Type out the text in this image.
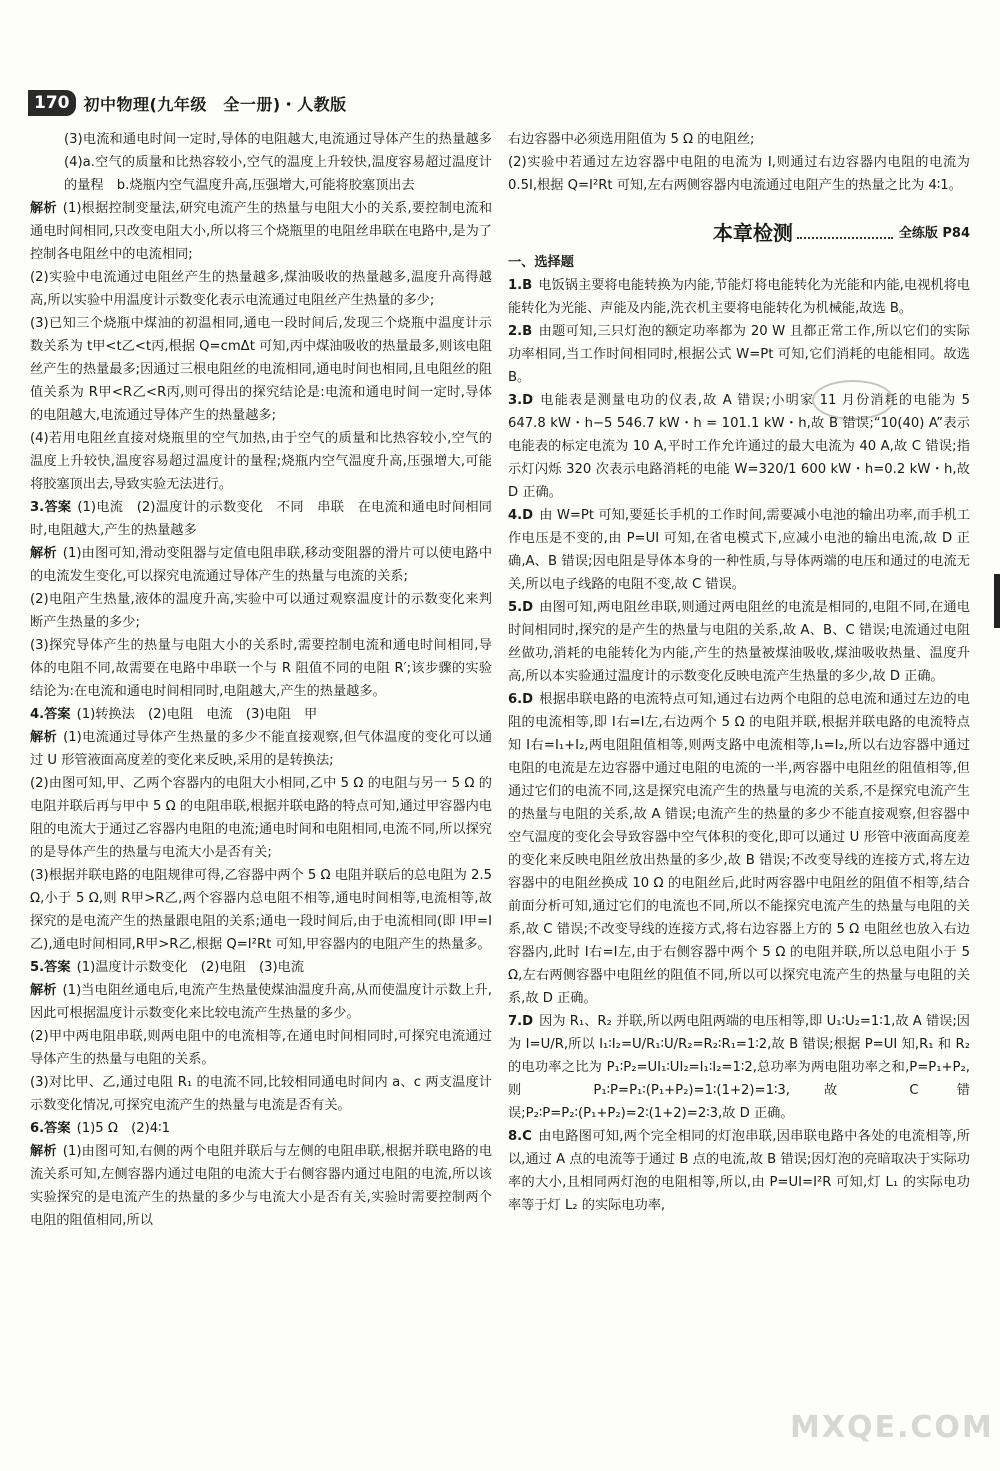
170 初中物理(九年级　全一册)・人教版

(3)电流和通电时间一定时,导体的电阻越大,电流通过导体产生的热量越多　(4)a.空气的质量和比热容较小,空气的温度上升较快,温度容易超过温度计的量程　b.烧瓶内空气温度升高,压强增大,可能将胶塞顶出去

解析 (1)根据控制变量法,研究电流产生的热量与电阻大小的关系,要控制电流和通电时间相同,只改变电阻大小,所以将三个烧瓶里的电阻丝串联在电路中,是为了控制各电阻丝中的电流相同;

(2)实验中电流通过电阻丝产生的热量越多,煤油吸收的热量越多,温度升高得越高,所以实验中用温度计示数变化表示电流通过电阻丝产生热量的多少;

(3)已知三个烧瓶中煤油的初温相同,通电一段时间后,发现三个烧瓶中温度计示数关系为 t甲<t乙<t丙,根据 Q=cmΔt 可知,丙中煤油吸收的热量最多,则该电阻丝产生的热量最多;因通过三根电阻丝的电流相同,通电时间也相同,且电阻丝的阻值关系为 R甲<R乙<R丙,则可得出的探究结论是:电流和通电时间一定时,导体的电阻越大,电流通过导体产生的热量越多;

(4)若用电阻丝直接对烧瓶里的空气加热,由于空气的质量和比热容较小,空气的温度上升较快,温度容易超过温度计的量程;烧瓶内空气温度升高,压强增大,可能将胶塞顶出去,导致实验无法进行。

3.答案 (1)电流　(2)温度计的示数变化　不同　串联　在电流和通电时间相同时,电阻越大,产生的热量越多

解析 (1)由图可知,滑动变阻器与定值电阻串联,移动变阻器的滑片可以使电路中的电流发生变化,可以探究电流通过导体产生的热量与电流的关系;

(2)电阻产生热量,液体的温度升高,实验中可以通过观察温度计的示数变化来判断产生热量的多少;

(3)探究导体产生的热量与电阻大小的关系时,需要控制电流和通电时间相同,导体的电阻不同,故需要在电路中串联一个与 R 阻值不同的电阻 R′;该步骤的实验结论为:在电流和通电时间相同时,电阻越大,产生的热量越多。

4.答案 (1)转换法　(2)电阻　电流　(3)电阻　甲

解析 (1)电流通过导体产生热量的多少不能直接观察,但气体温度的变化可以通过 U 形管液面高度差的变化来反映,采用的是转换法;

(2)由图可知,甲、乙两个容器内的电阻大小相同,乙中 5 Ω 的电阻与另一 5 Ω 的电阻并联后再与甲中 5 Ω 的电阻串联,根据并联电路的特点可知,通过甲容器内电阻的电流大于通过乙容器内电阻的电流;通电时间和电阻相同,电流不同,所以探究的是导体产生的热量与电流大小是否有关;

(3)根据并联电路的电阻规律可得,乙容器中两个 5 Ω 电阻并联后的总电阻为 2.5 Ω,小于 5 Ω,则 R甲>R乙,两个容器内总电阻不相等,通电时间相等,电流相等,故探究的是电流产生的热量跟电阻的关系;通电一段时间后,由于电流相同(即 I甲=I乙),通电时间相同,R甲>R乙,根据 Q=I²Rt 可知,甲容器内的电阻产生的热量多。

5.答案 (1)温度计示数变化　(2)电阻　(3)电流

解析 (1)当电阻丝通电后,电流产生热量使煤油温度升高,从而使温度计示数上升,因此可根据温度计示数变化来比较电流产生热量的多少。

(2)甲中两电阻串联,则两电阻中的电流相等,在通电时间相同时,可探究电流通过导体产生的热量与电阻的关系。

(3)对比甲、乙,通过电阻 R₁ 的电流不同,比较相同通电时间内 a、c 两支温度计示数变化情况,可探究电流产生的热量与电流是否有关。

6.答案 (1)5 Ω　(2)4∶1

解析 (1)由图可知,右侧的两个电阻并联后与左侧的电阻串联,根据并联电路的电流关系可知,左侧容器内通过电阻的电流大于右侧容器内通过电阻的电流,所以该实验探究的是电流产生的热量的多少与电流大小是否有关,实验时需要控制两个电阻的阻值相同,所以

右边容器中必须选用阻值为 5 Ω 的电阻丝;

(2)实验中若通过左边容器中电阻的电流为 I,则通过右边容器内电阻的电流为 0.5I,根据 Q=I²Rt 可知,左右两侧容器内电流通过电阻产生的热量之比为 4∶1。

本章检测	全练版 P84

一、选择题

1.B 电饭锅主要将电能转换为内能,节能灯将电能转化为光能和内能,电视机将电能转化为光能、声能及内能,洗衣机主要将电能转化为机械能,故选 B。

2.B 由题可知,三只灯泡的额定功率都为 20 W 且都正常工作,所以它们的实际功率相同,当工作时间相同时,根据公式 W=Pt 可知,它们消耗的电能相同。故选 B。

3.D 电能表是测量电功的仪表,故 A 错误;小明家 11 月份消耗的电能为 5 647.8 kW・h−5 546.7 kW・h = 101.1 kW・h,故 B 错误;“10(40) A”表示电能表的标定电流为 10 A,平时工作允许通过的最大电流为 40 A,故 C 错误;指示灯闪烁 320 次表示电路消耗的电能 W=320/1 600 kW・h=0.2 kW・h,故 D 正确。

4.D 由 W=Pt 可知,要延长手机的工作时间,需要减小电池的输出功率,而手机工作电压是不变的,由 P=UI 可知,在省电模式下,应减小电池的输出电流,故 D 正确,A、B 错误;因电阻是导体本身的一种性质,与导体两端的电压和通过的电流无关,所以电子线路的电阻不变,故 C 错误。

5.D 由图可知,两电阻丝串联,则通过两电阻丝的电流是相同的,电阻不同,在通电时间相同时,探究的是产生的热量与电阻的关系,故 A、B、C 错误;电流通过电阻丝做功,消耗的电能转化为内能,产生的热量被煤油吸收,煤油吸收热量、温度升高,所以本实验通过温度计的示数变化反映电流产生热量的多少,故 D 正确。

6.D 根据串联电路的电流特点可知,通过右边两个电阻的总电流和通过左边的电阻的电流相等,即 I右=I左,右边两个 5 Ω 的电阻并联,根据并联电路的电流特点知 I右=I₁+I₂,两电阻阻值相等,则两支路中电流相等,I₁=I₂,所以右边容器中通过电阻的电流是左边容器中通过电阻的电流的一半,两容器中电阻丝的阻值相等,但通过它们的电流不同,这是探究电流产生的热量与电流的关系,不是探究电流产生的热量与电阻的关系,故 A 错误;电流产生的热量的多少不能直接观察,但容器中空气温度的变化会导致容器中空气体积的变化,即可以通过 U 形管中液面高度差的变化来反映电阻丝放出热量的多少,故 B 错误;不改变导线的连接方式,将左边容器中的电阻丝换成 10 Ω 的电阻丝后,此时两容器中电阻丝的阻值不相等,结合前面分析可知,通过它们的电流也不同,所以不能探究电流产生的热量与电阻的关系,故 C 错误;不改变导线的连接方式,将右边容器上方的 5 Ω 电阻丝也放入右边容器内,此时 I右=I左,由于右侧容器中两个 5 Ω 的电阻并联,所以总电阻小于 5 Ω,左右两侧容器中电阻丝的阻值不同,所以可以探究电流产生的热量与电阻的关系,故 D 正确。

7.D 因为 R₁、R₂ 并联,所以两电阻两端的电压相等,即 U₁∶U₂=1∶1,故 A 错误;因为 I=U/R,所以 I₁∶I₂=U/R₁∶U/R₂=R₂∶R₁=1∶2,故 B 错误;根据 P=UI 知,R₁ 和 R₂ 的电功率之比为 P₁∶P₂=UI₁∶UI₂=I₁∶I₂=1∶2,总功率为两电阻功率之和,P=P₁+P₂,则 P₁∶P=P₁∶(P₁+P₂)=1∶(1+2)=1∶3,故 C 错误;P₂∶P=P₂∶(P₁+P₂)=2∶(1+2)=2∶3,故 D 正确。

8.C 由电路图可知,两个完全相同的灯泡串联,因串联电路中各处的电流相等,所以,通过 A 点的电流等于通过 B 点的电流,故 B 错误;因灯泡的亮暗取决于实际功率的大小,且相同两灯泡的电阻相等,所以,由 P=UI=I²R 可知,灯 L₁ 的实际电功率等于灯 L₂ 的实际电功率,

MXQE.COM
